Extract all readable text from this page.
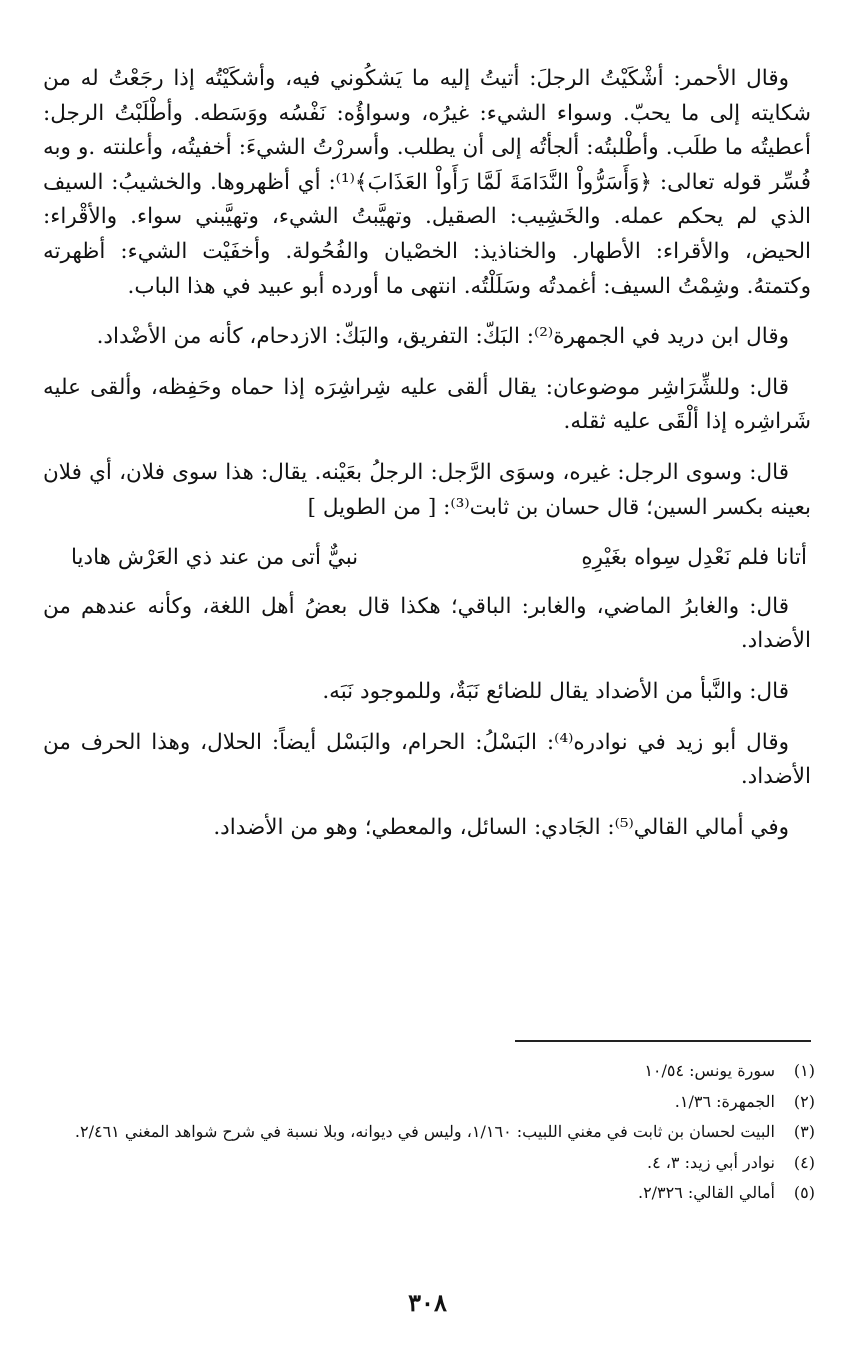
وقال الأحمر: أشْكَيْتُ الرجلَ: أتيتُ إليه ما يَشكُوني فيه، وأشكَيْتُه إذا رجَعْتُ له من شكايته إلى ما يحبّ. وسواء الشيء: غيرُه، وسواؤُه: نَفْسُه ووَسَطه. وأطْلَبْتُ الرجل: أعطيتُه ما طلَب. وأطْلبتُه: ألجأتُه إلى أن يطلب. وأسررْتُ الشيءَ: أخفيتُه، وأعلنته .و وبه فُسِّر قوله تعالى: ﴿وَأَسَرُّواْ النَّدَامَةَ لَمَّا رَأَواْ العَذَابَ﴾⁽¹⁾: أي أظهروها. والخشيبُ: السيف الذي لم يحكم عمله. والخَشِيب: الصقيل. وتهيَّبتُ الشيء، وتهيَّبني سواء. والأقْراء: الحيض، والأقراء: الأطهار. والخناذيذ: الخصْيان والفُحُولة. وأخفَيْت الشيء: أظهرته وكتمتهُ. وشِمْتُ السيف: أغمدتُه وسَلَلْتُه. انتهى ما أورده أبو عبيد في هذا الباب.

وقال ابن دريد في الجمهرة⁽²⁾: البَكّ: التفريق، والبَكّ: الازدحام، كأنه من الأضْداد.

قال: وللشِّرَاشِر موضوعان: يقال ألقى عليه شِراشِرَه إذا حماه وحَفِظه، وألقى عليه شَراشِره إذا ألْقَى عليه ثقله.

قال: وسوى الرجل: غيره، وسوَى الرَّجل: الرجلُ بعَيْنه. يقال: هذا سوى فلان، أي فلان بعينه بكسر السين؛ قال حسان بن ثابت⁽³⁾: [ من الطويل ]

أتانا فلم نَعْدِل سِواه بغَيْرِهِ
نبيٌّ أتى من عند ذي العَرْش هاديا

قال: والغابرُ الماضي، والغابر: الباقي؛ هكذا قال بعضُ أهل اللغة، وكأنه عندهم من الأضداد.

قال: والنَّبأ من الأضداد يقال للضائع نَبَةٌ، وللموجود نَبَه.

وقال أبو زيد في نوادره⁽⁴⁾: البَسْلُ: الحرام، والبَسْل أيضاً: الحلال، وهذا الحرف من الأضداد.

وفي أمالي القالي⁽⁵⁾: الجَادي: السائل، والمعطي؛ وهو من الأضداد.

(١)
سورة يونس: ١٠/٥٤
(٢)
الجمهرة: ١/٣٦.
(٣)
البيت لحسان بن ثابت في مغني اللبيب: ١/١٦٠، وليس في ديوانه، وبلا نسبة في شرح شواهد المغني ٢/٤٦١.
(٤)
نوادر أبي زيد: ٣، ٤.
(٥)
أمالي القالي: ٢/٣٢٦.
٣٠٨
